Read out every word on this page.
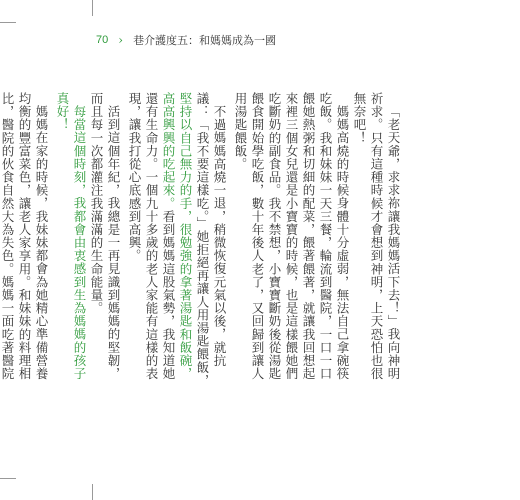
70 › 巷介護度五：和媽媽成為一國

「老天爺，求求祢讓我媽媽活下去！」我向神明祈求。只有這種時候才會想到神明，上天恐怕也很無奈吧！

媽媽高燒的時候身體十分虛弱，無法自己拿碗筷吃飯。我和妹妹一天三餐，輪流到醫院，一口一口餵她熱粥和切細的配菜，餵著餵著，就讓我回想起來裡三個女兒還是小寶寶的時候，也是這樣餵她們吃斷奶的副食品。我不禁想，小寶寶斷奶後從湯匙餵食開始學吃飯，數十年後人老了，又回歸到讓人用湯匙餵飯。

不過媽媽高燒一退，稍微恢復元氣以後，就抗議：「我不要這樣吃。」她拒絕再讓人用湯匙餵飯，堅持以自己無力的手，很勉強的拿著湯匙和飯碗，高高興興的吃起來。看到媽媽這股氣勢，我知道她還有生命力。一個九十多歲的老人家能有這樣的表現，讓我打從心底感到高興。

活到這個年紀，我總是一再見識到媽媽的堅韌，而且每一次都灌注我滿滿的生命能量。

每當這個時刻，我都會由衷感到生為媽媽的孩子真好！

媽媽在家的時候，我妹妹都會為她精心準備營養均衡的豐富菜色，讓老人家享用。和妹妹的料理相比，醫院的伙食自然大為失色。媽媽一面吃著醫院
